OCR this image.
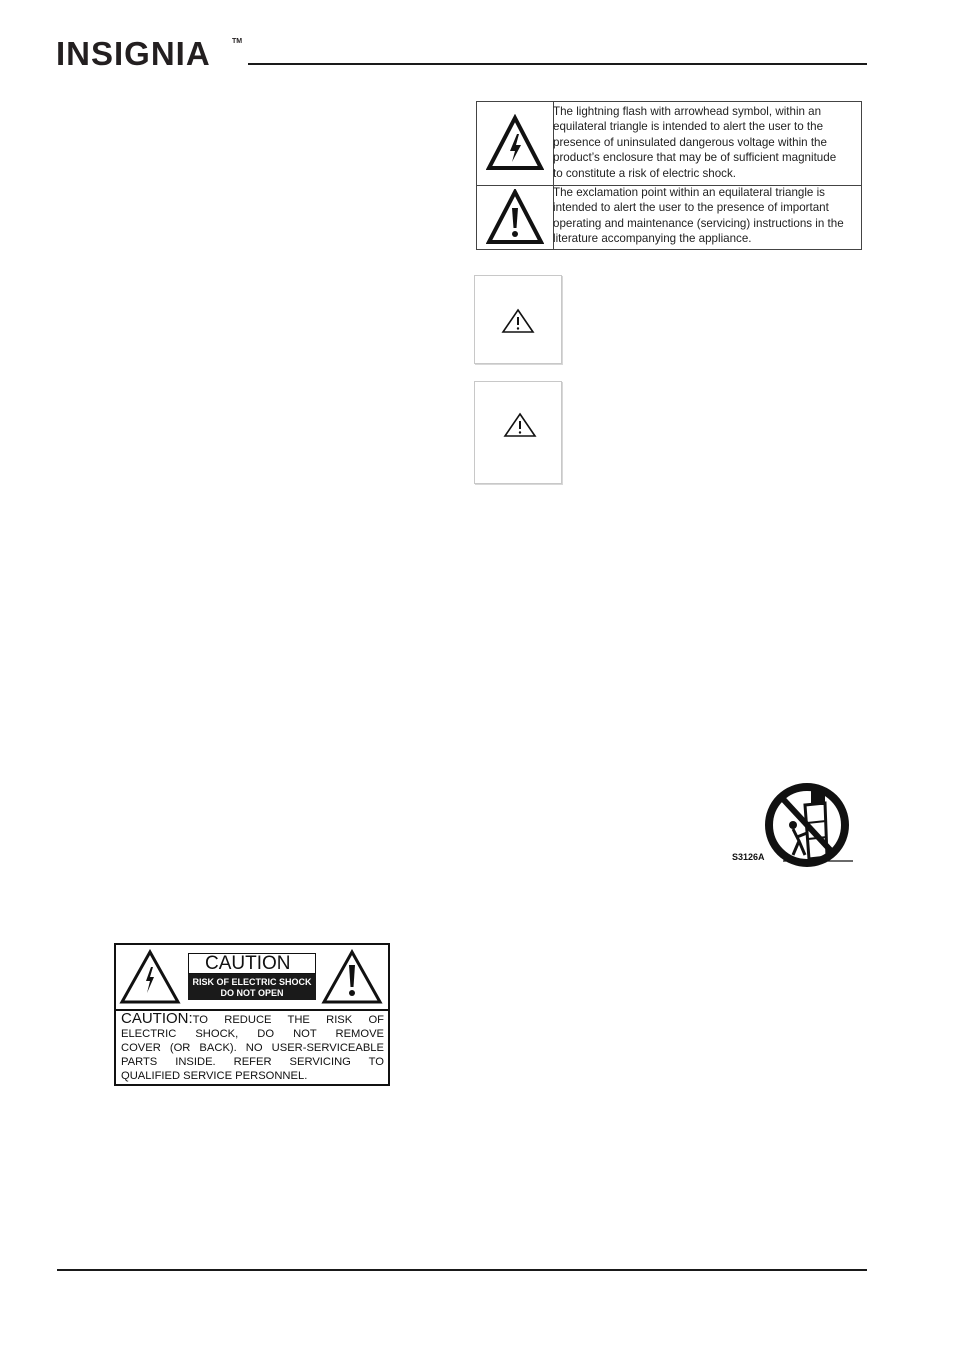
INSIGNIA	TM
The lightning flash with arrowhead symbol, within an
equilateral triangle is intended to alert the user to the
presence of uninsulated dangerous voltage within the
product’s enclosure that may be of sufficient magnitude
to constitute a risk of electric shock.
The exclamation point within an equilateral triangle is
intended to alert the user to the presence of important
operating and maintenance (servicing) instructions in the
literature accompanying the appliance.
S3126A
CAUTION
RISK OF ELECTRIC SHOCK
DO NOT OPEN
CAUTION:TO REDUCE THE RISK OF
ELECTRIC SHOCK, DO NOT REMOVE
COVER (OR BACK). NO USER-SERVICEABLE
PARTS INSIDE. REFER SERVICING TO
QUALIFIED SERVICE PERSONNEL.
